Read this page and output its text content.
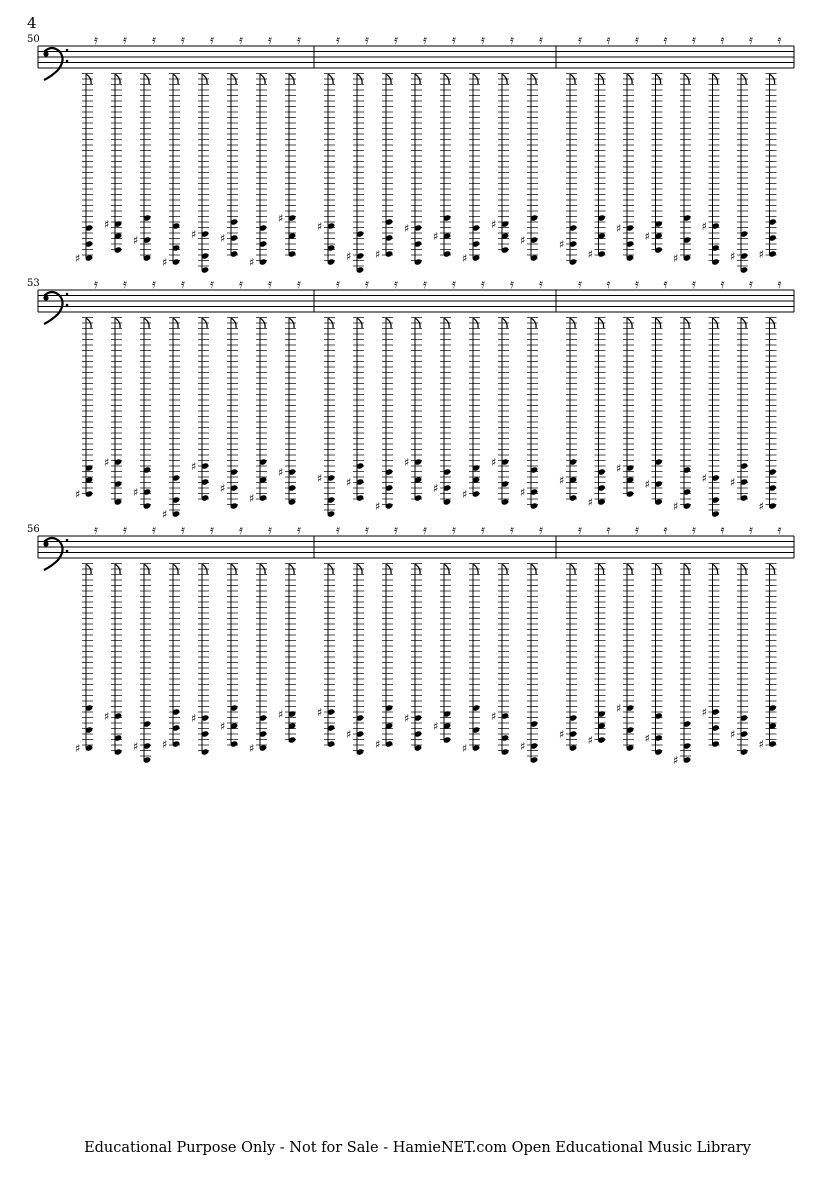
50	𝄿
♯
𝄿
♯
𝄿
♯
𝄿
♯
𝄿
♯
𝄿
♯
𝄿
♯
𝄿
♯
𝄿
♯
𝄿
♯
𝄿
♯
𝄿
♯
𝄿
♯
𝄿
♯
𝄿
♯
𝄿
♯
𝄿
♯
𝄿
♯
𝄿
♯
𝄿
♯
𝄿
♯
𝄿
♯
𝄿
♯
𝄿
♯
53	𝄿
♯
𝄿
♯
𝄿
♯
𝄿
♯
𝄿
♯
𝄿
♯
𝄿
♯
𝄿
♯
𝄿
♯
𝄿
♯
𝄿
♯
𝄿
♯
𝄿
♯
𝄿
♯
𝄿
♯
𝄿
♯
𝄿
♯
𝄿
♯
𝄿
♯
𝄿
♯
𝄿
♯
𝄿
♯
𝄿
♯
𝄿
♯
56	𝄿
♯
𝄿
♯
𝄿
♯
𝄿
♯
𝄿
♯
𝄿
♯
𝄿
♯
𝄿
♯
𝄿
♯
𝄿
♯
𝄿
♯
𝄿
♯
𝄿
♯
𝄿
♯
𝄿
♯
𝄿
♯
𝄿
♯
𝄿
♯
𝄿
♯
𝄿
♯
𝄿
♯
𝄿
♯
𝄿
♯
𝄿
♯
4
Educational Purpose Only - Not for Sale - HamieNET.com Open Educational Music Library
